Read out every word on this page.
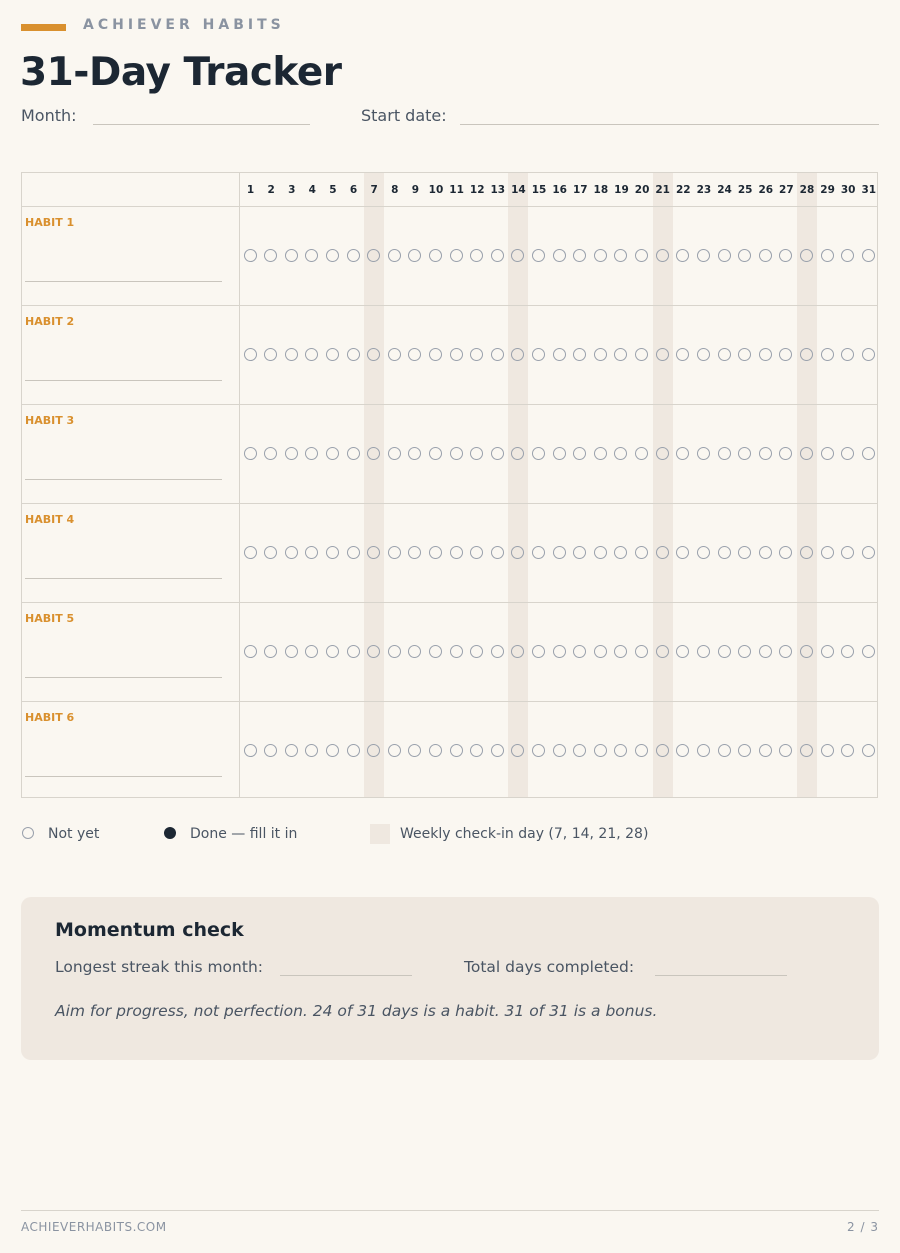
ACHIEVER HABITS
31-Day Tracker
Month:	Start date:
1	2	3	4	5	6	7	8	9 10 11 12 13 14 15 16 17 18 19 20 21 22 23 24 25 26 27 28 29 30 31
HABIT 1
HABIT 2
HABIT 3
HABIT 4
HABIT 5
HABIT 6
Not yet	Done — fill it in	Weekly check-in day (7, 14, 21, 28)
Momentum check
Longest streak this month:	Total days completed:
Aim for progress, not perfection. 24 of 31 days is a habit. 31 of 31 is a bonus.
ACHIEVERHABITS.COM	2 / 3
